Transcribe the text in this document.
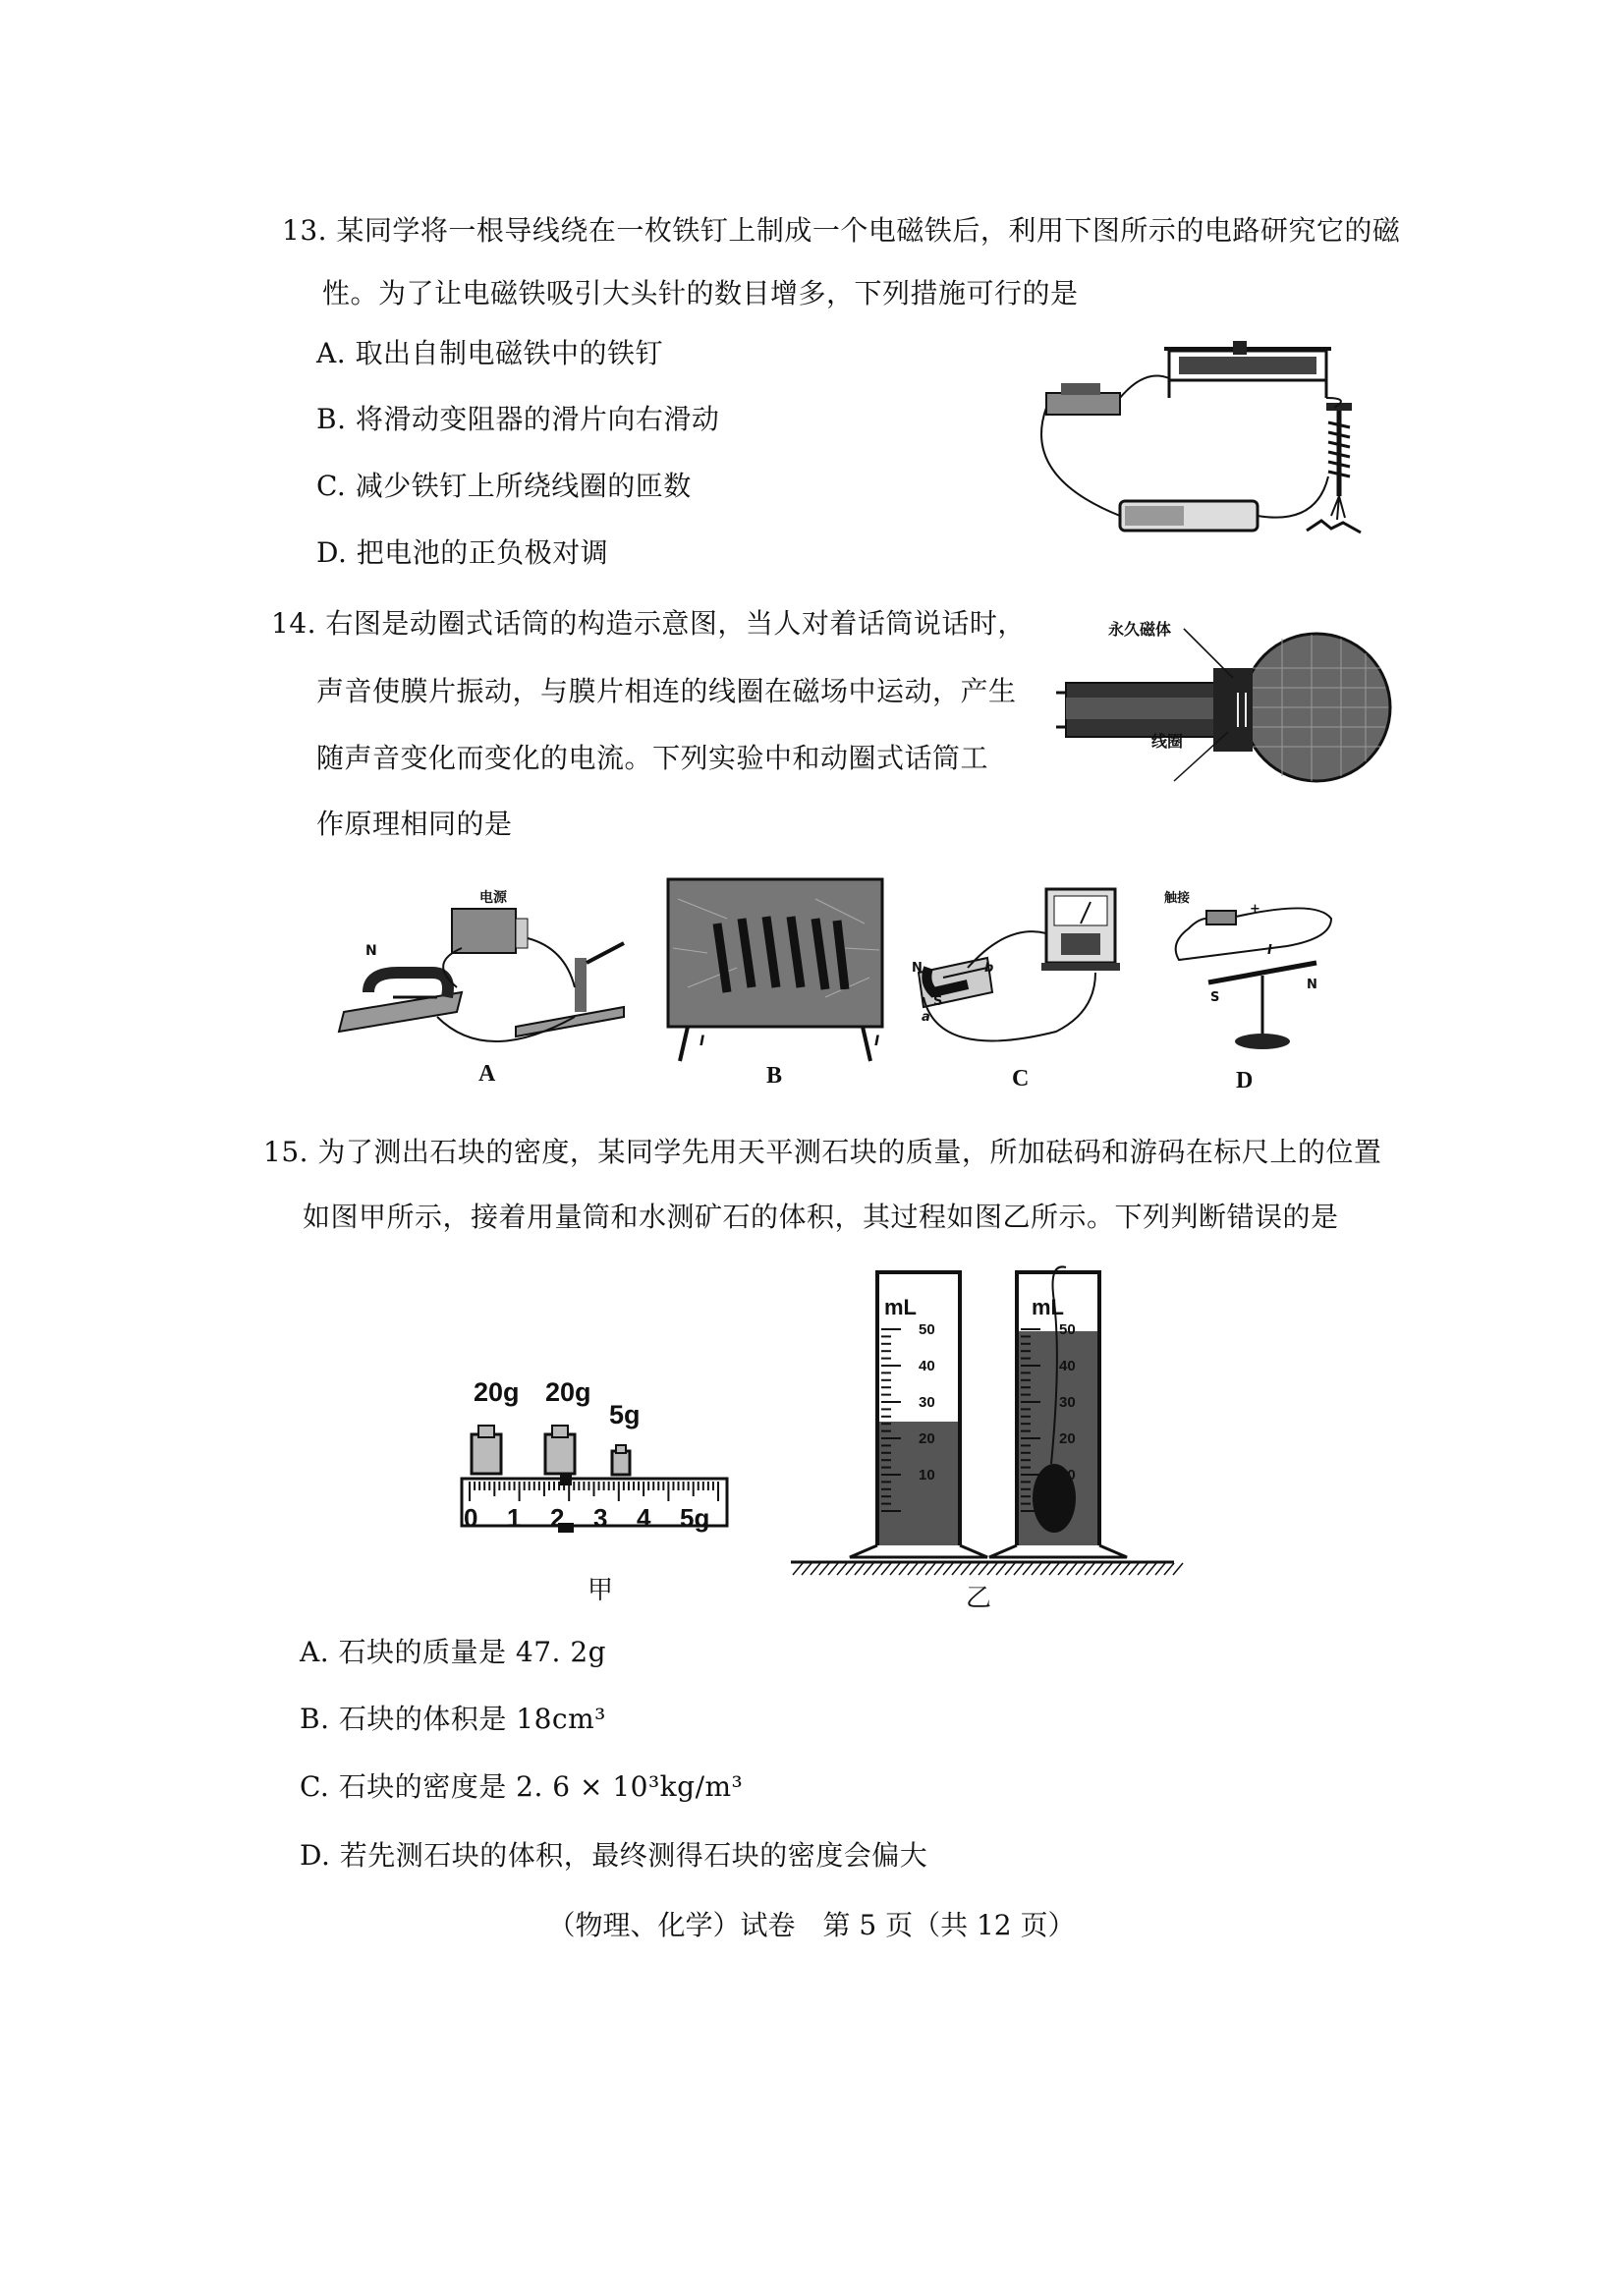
13. 某同学将一根导线绕在一枚铁钉上制成一个电磁铁后，利用下图所示的电路研究它的磁
性。为了让电磁铁吸引大头针的数目增多，下列措施可行的是
A. 取出自制电磁铁中的铁钉
B. 将滑动变阻器的滑片向右滑动
C. 减少铁钉上所绕线圈的匝数
D. 把电池的正负极对调
14. 右图是动圈式话筒的构造示意图，当人对着话筒说话时，
声音使膜片振动，与膜片相连的线圈在磁场中运动，产生
随声音变化而变化的电流。下列实验中和动圈式话筒工
作原理相同的是
永久磁体
线圈
电源
N
A
I	I
B
N
S
a
b
C
触接
+
I
S
N
D
15. 为了测出石块的密度，某同学先用天平测石块的质量，所加砝码和游码在标尺上的位置
如图甲所示，接着用量筒和水测矿石的体积，其过程如图乙所示。下列判断错误的是
20g 20g
5g
0 1 2 3 4 5g
甲
mL	mL
50	50
40	40
30	30
20	20
10	10
乙
A. 石块的质量是 47. 2g
B. 石块的体积是 18cm³
C. 石块的密度是 2. 6 × 10³kg/m³
D. 若先测石块的体积，最终测得石块的密度会偏大
（物理、化学）试卷　第 5 页（共 12 页）
